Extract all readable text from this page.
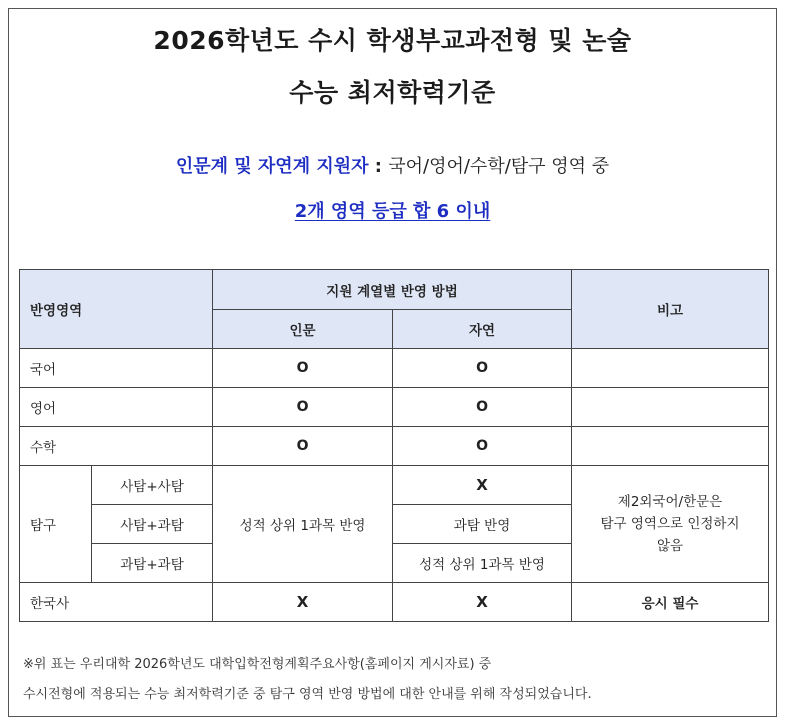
2026학년도 수시 학생부교과전형 및 논술
수능 최저학력기준
인문계 및 자연계 지원자 : 국어/영어/수학/탐구 영역 중
2개 영역 등급 합 6 이내
반영영역		지원 계열별 반영 방법		비고
		인문	자연	
국어		O	O	
영어		O	O	
수학		O	O	
탐구	사탐+사탐	성적 상위 1과목 반영	X	제2외국어/한문은
탐구 영역으로 인정하지
않음

	사탐+과탐		과탐 반영	
	과탐+과탐		성적 상위 1과목 반영	
한국사		X	X	응시 필수
※위 표는 우리대학 2026학년도 대학입학전형계획주요사항(홈페이지 게시자료) 중
수시전형에 적용되는 수능 최저학력기준 중 탐구 영역 반영 방법에 대한 안내를 위해 작성되었습니다.
